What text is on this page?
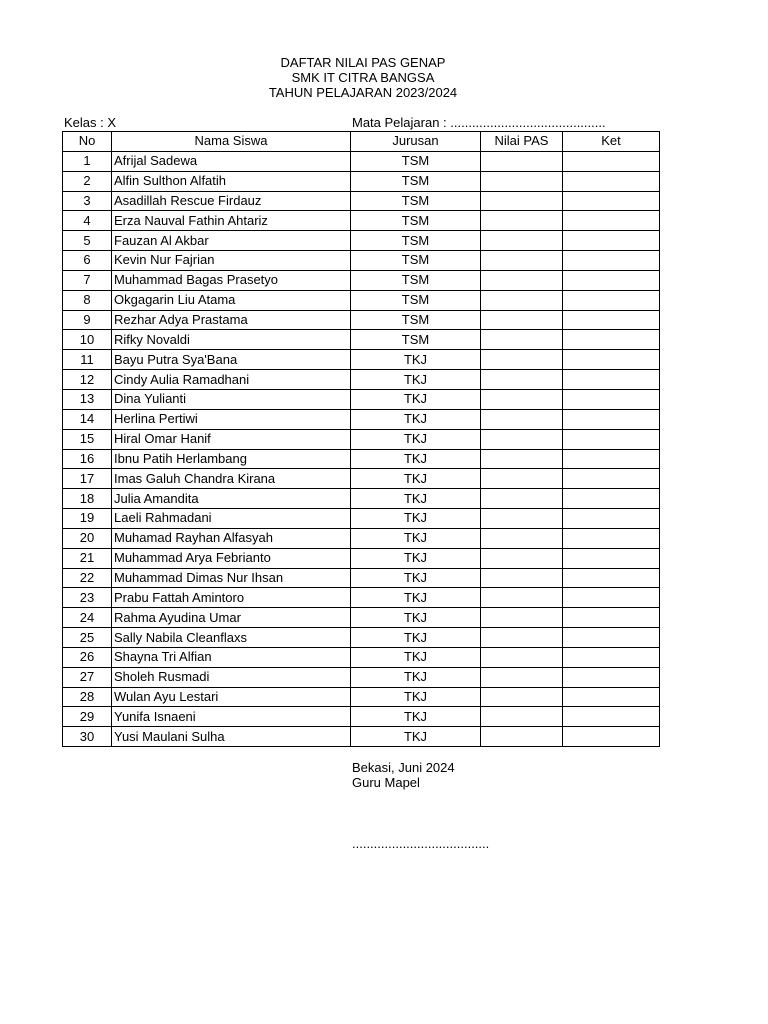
DAFTAR NILAI PAS GENAP
SMK IT CITRA BANGSA
TAHUN PELAJARAN 2023/2024
Kelas : X	Mata Pelajaran : ...........................................
No	Nama Siswa	Jurusan	Nilai PAS	Ket
1	Afrijal Sadewa	TSM		
2	Alfin Sulthon Alfatih	TSM		
3	Asadillah Rescue Firdauz	TSM		
4	Erza Nauval Fathin Ahtariz	TSM		
5	Fauzan Al Akbar	TSM		
6	Kevin Nur Fajrian	TSM		
7	Muhammad Bagas Prasetyo	TSM		
8	Okgagarin Liu Atama	TSM		
9	Rezhar Adya Prastama	TSM		
10	Rifky Novaldi	TSM		
11	Bayu Putra Sya'Bana	TKJ		
12	Cindy Aulia Ramadhani	TKJ		
13	Dina Yulianti	TKJ		
14	Herlina Pertiwi	TKJ		
15	Hiral Omar Hanif	TKJ		
16	Ibnu Patih Herlambang	TKJ		
17	Imas Galuh Chandra Kirana	TKJ		
18	Julia Amandita	TKJ		
19	Laeli Rahmadani	TKJ		
20	Muhamad Rayhan Alfasyah	TKJ		
21	Muhammad Arya Febrianto	TKJ		
22	Muhammad Dimas Nur Ihsan	TKJ		
23	Prabu Fattah Amintoro	TKJ		
24	Rahma Ayudina Umar	TKJ		
25	Sally Nabila Cleanflaxs	TKJ		
26	Shayna Tri Alfian	TKJ		
27	Sholeh Rusmadi	TKJ		
28	Wulan Ayu Lestari	TKJ		
29	Yunifa Isnaeni	TKJ		
30	Yusi Maulani Sulha	TKJ		
Bekasi, Juni 2024
Guru Mapel
......................................
